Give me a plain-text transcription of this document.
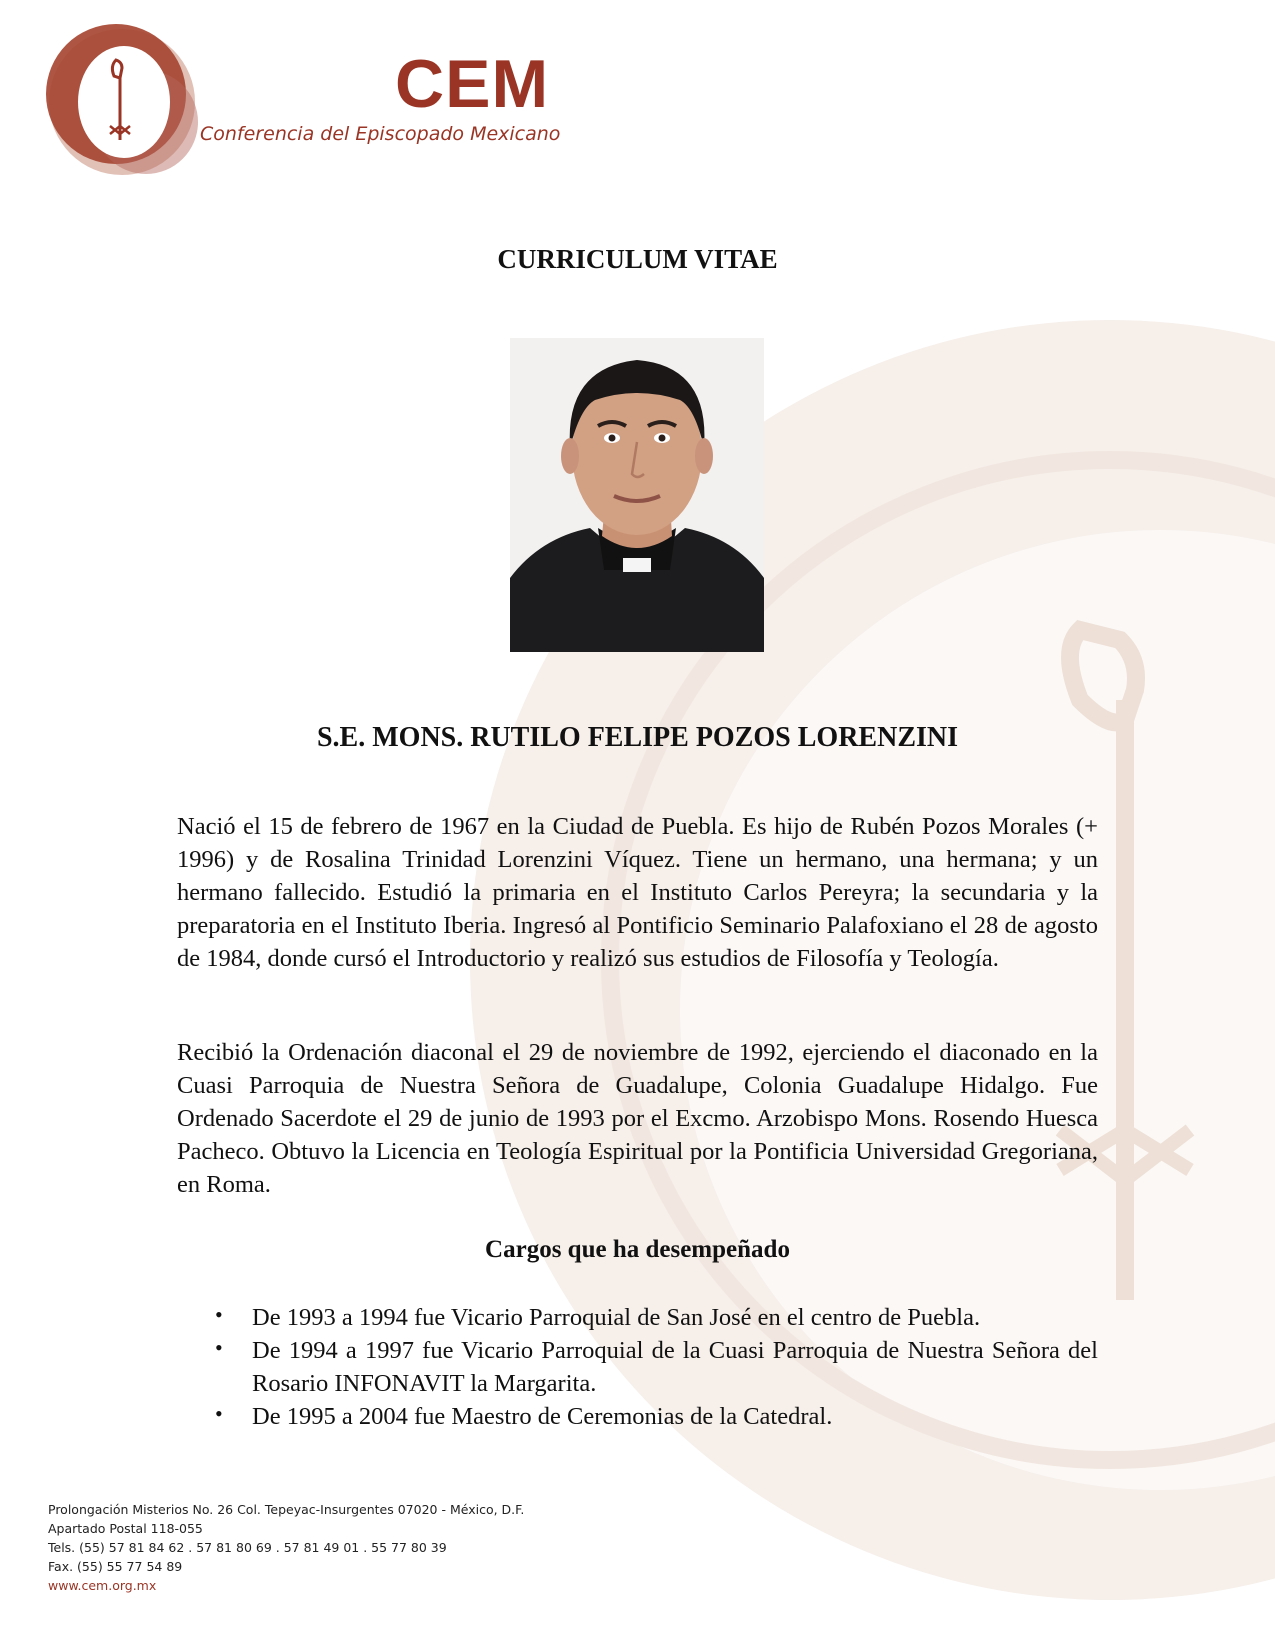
CEM
Conferencia del Episcopado Mexicano
CURRICULUM VITAE
S.E. MONS. RUTILO FELIPE POZOS LORENZINI

Nació el 15 de febrero de 1967 en la Ciudad de Puebla. Es hijo de Rubén Pozos Morales (+ 1996) y de Rosalina Trinidad Lorenzini Víquez. Tiene un hermano, una hermana; y un hermano fallecido. Estudió la primaria en el Instituto Carlos Pereyra; la secundaria y la preparatoria en el Instituto Iberia. Ingresó al Pontificio Seminario Palafoxiano el 28 de agosto de 1984, donde cursó el Introductorio y realizó sus estudios de Filosofía y Teología.

Recibió la Ordenación diaconal el 29 de noviembre de 1992, ejerciendo el diaconado en la Cuasi Parroquia de Nuestra Señora de Guadalupe, Colonia Guadalupe Hidalgo. Fue Ordenado Sacerdote el 29 de junio de 1993 por el Excmo. Arzobispo Mons. Rosendo Huesca Pacheco. Obtuvo la Licencia en Teología Espiritual por la Pontificia Universidad Gregoriana, en Roma.

Cargos que ha desempeñado
• De 1993 a 1994 fue Vicario Parroquial de San José en el centro de Puebla.
• De 1994 a 1997 fue Vicario Parroquial de la Cuasi Parroquia de Nuestra Señora del Rosario INFONAVIT la Margarita.
• De 1995 a 2004 fue Maestro de Ceremonias de la Catedral.
Prolongación Misterios No. 26 Col. Tepeyac-Insurgentes 07020 - México, D.F.
Apartado Postal 118-055
Tels. (55) 57 81 84 62 . 57 81 80 69 . 57 81 49 01 . 55 77 80 39
Fax. (55) 55 77 54 89
www.cem.org.mx
